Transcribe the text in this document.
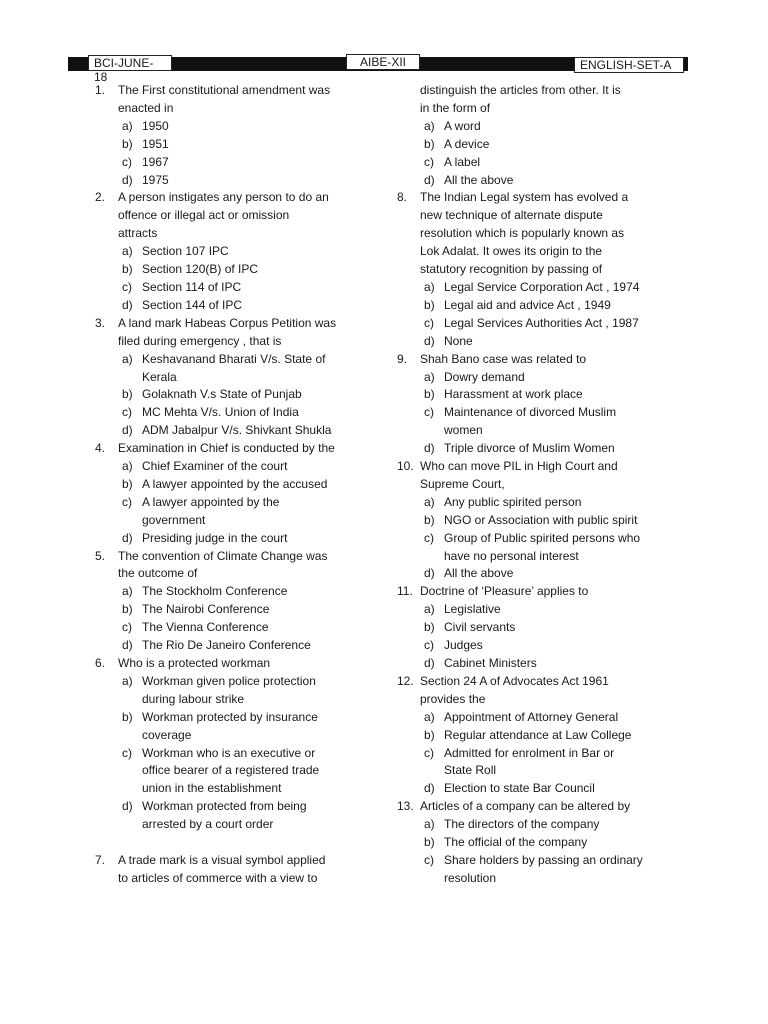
BCI-JUNE-18
AIBE-XII	ENGLISH-SET-A
1.	The First constitutional amendment was
enacted in
a) 1950
b) 1951
c) 1967
d) 1975
2.	A person instigates any person to do an
offence or illegal act or omission
attracts
a) Section 107 IPC
b) Section 120(B) of IPC
c) Section 114 of IPC
d) Section 144 of IPC
3.	A land mark Habeas Corpus Petition was
filed during emergency , that is
a) Keshavanand Bharati V/s. State of
Kerala
b) Golaknath V.s State of Punjab
c) MC Mehta V/s. Union of India
d) ADM Jabalpur V/s. Shivkant Shukla
4.	Examination in Chief is conducted by the
a) Chief Examiner of the court
b) A lawyer appointed by the accused
c) A lawyer appointed by the
government
d) Presiding judge in the court
5.	The convention of Climate Change was
the outcome of
a) The Stockholm Conference
b) The Nairobi Conference
c) The Vienna Conference
d) The Rio De Janeiro Conference
6.	Who is a protected workman
a) Workman given police protection
during labour strike
b) Workman protected by insurance
coverage
c) Workman who is an executive or
office bearer of a registered trade
union in the establishment
d) Workman protected from being
arrested by a court order
7.	A trade mark is a visual symbol applied
to articles of commerce with a view to
distinguish the articles from other. It is
in the form of
a) A word
b) A device
c) A label
d) All the above
8.	The Indian Legal system has evolved a
new technique of alternate dispute
resolution which is popularly known as
Lok Adalat. It owes its origin to the
statutory recognition by passing of
a) Legal Service Corporation Act , 1974
b) Legal aid and advice Act , 1949
c) Legal Services Authorities Act , 1987
d) None
9.	Shah Bano case was related to
a) Dowry demand
b) Harassment at work place
c) Maintenance of divorced Muslim
women
d) Triple divorce of Muslim Women
10. Who can move PIL in High Court and
Supreme Court,
a) Any public spirited person
b) NGO or Association with public spirit
c) Group of Public spirited persons who
have no personal interest
d) All the above
11. Doctrine of ‘Pleasure’ applies to
a) Legislative
b) Civil servants
c) Judges
d) Cabinet Ministers
12. Section 24 A of Advocates Act 1961
provides the
a) Appointment of Attorney General
b) Regular attendance at Law College
c) Admitted for enrolment in Bar or
State Roll
d) Election to state Bar Council
13. Articles of a company can be altered by
a) The directors of the company
b) The official of the company
c) Share holders by passing an ordinary
resolution
